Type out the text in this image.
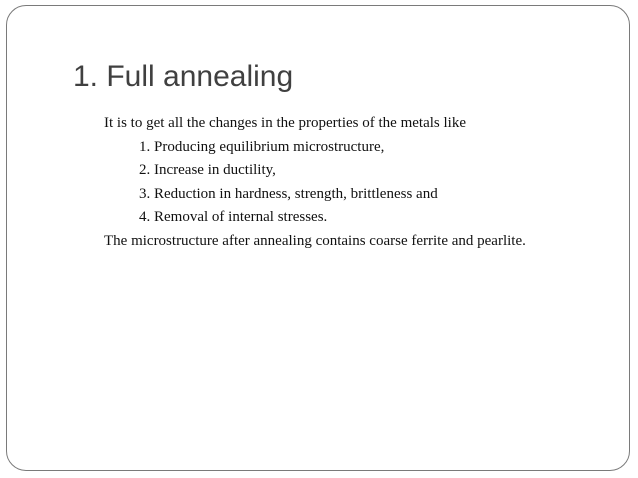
1. Full annealing
It is to get all the changes in the properties of the metals like
1. Producing equilibrium microstructure,
2. Increase in ductility,
3. Reduction in hardness, strength, brittleness and
4. Removal of internal stresses.
The microstructure after annealing contains coarse ferrite and pearlite.
